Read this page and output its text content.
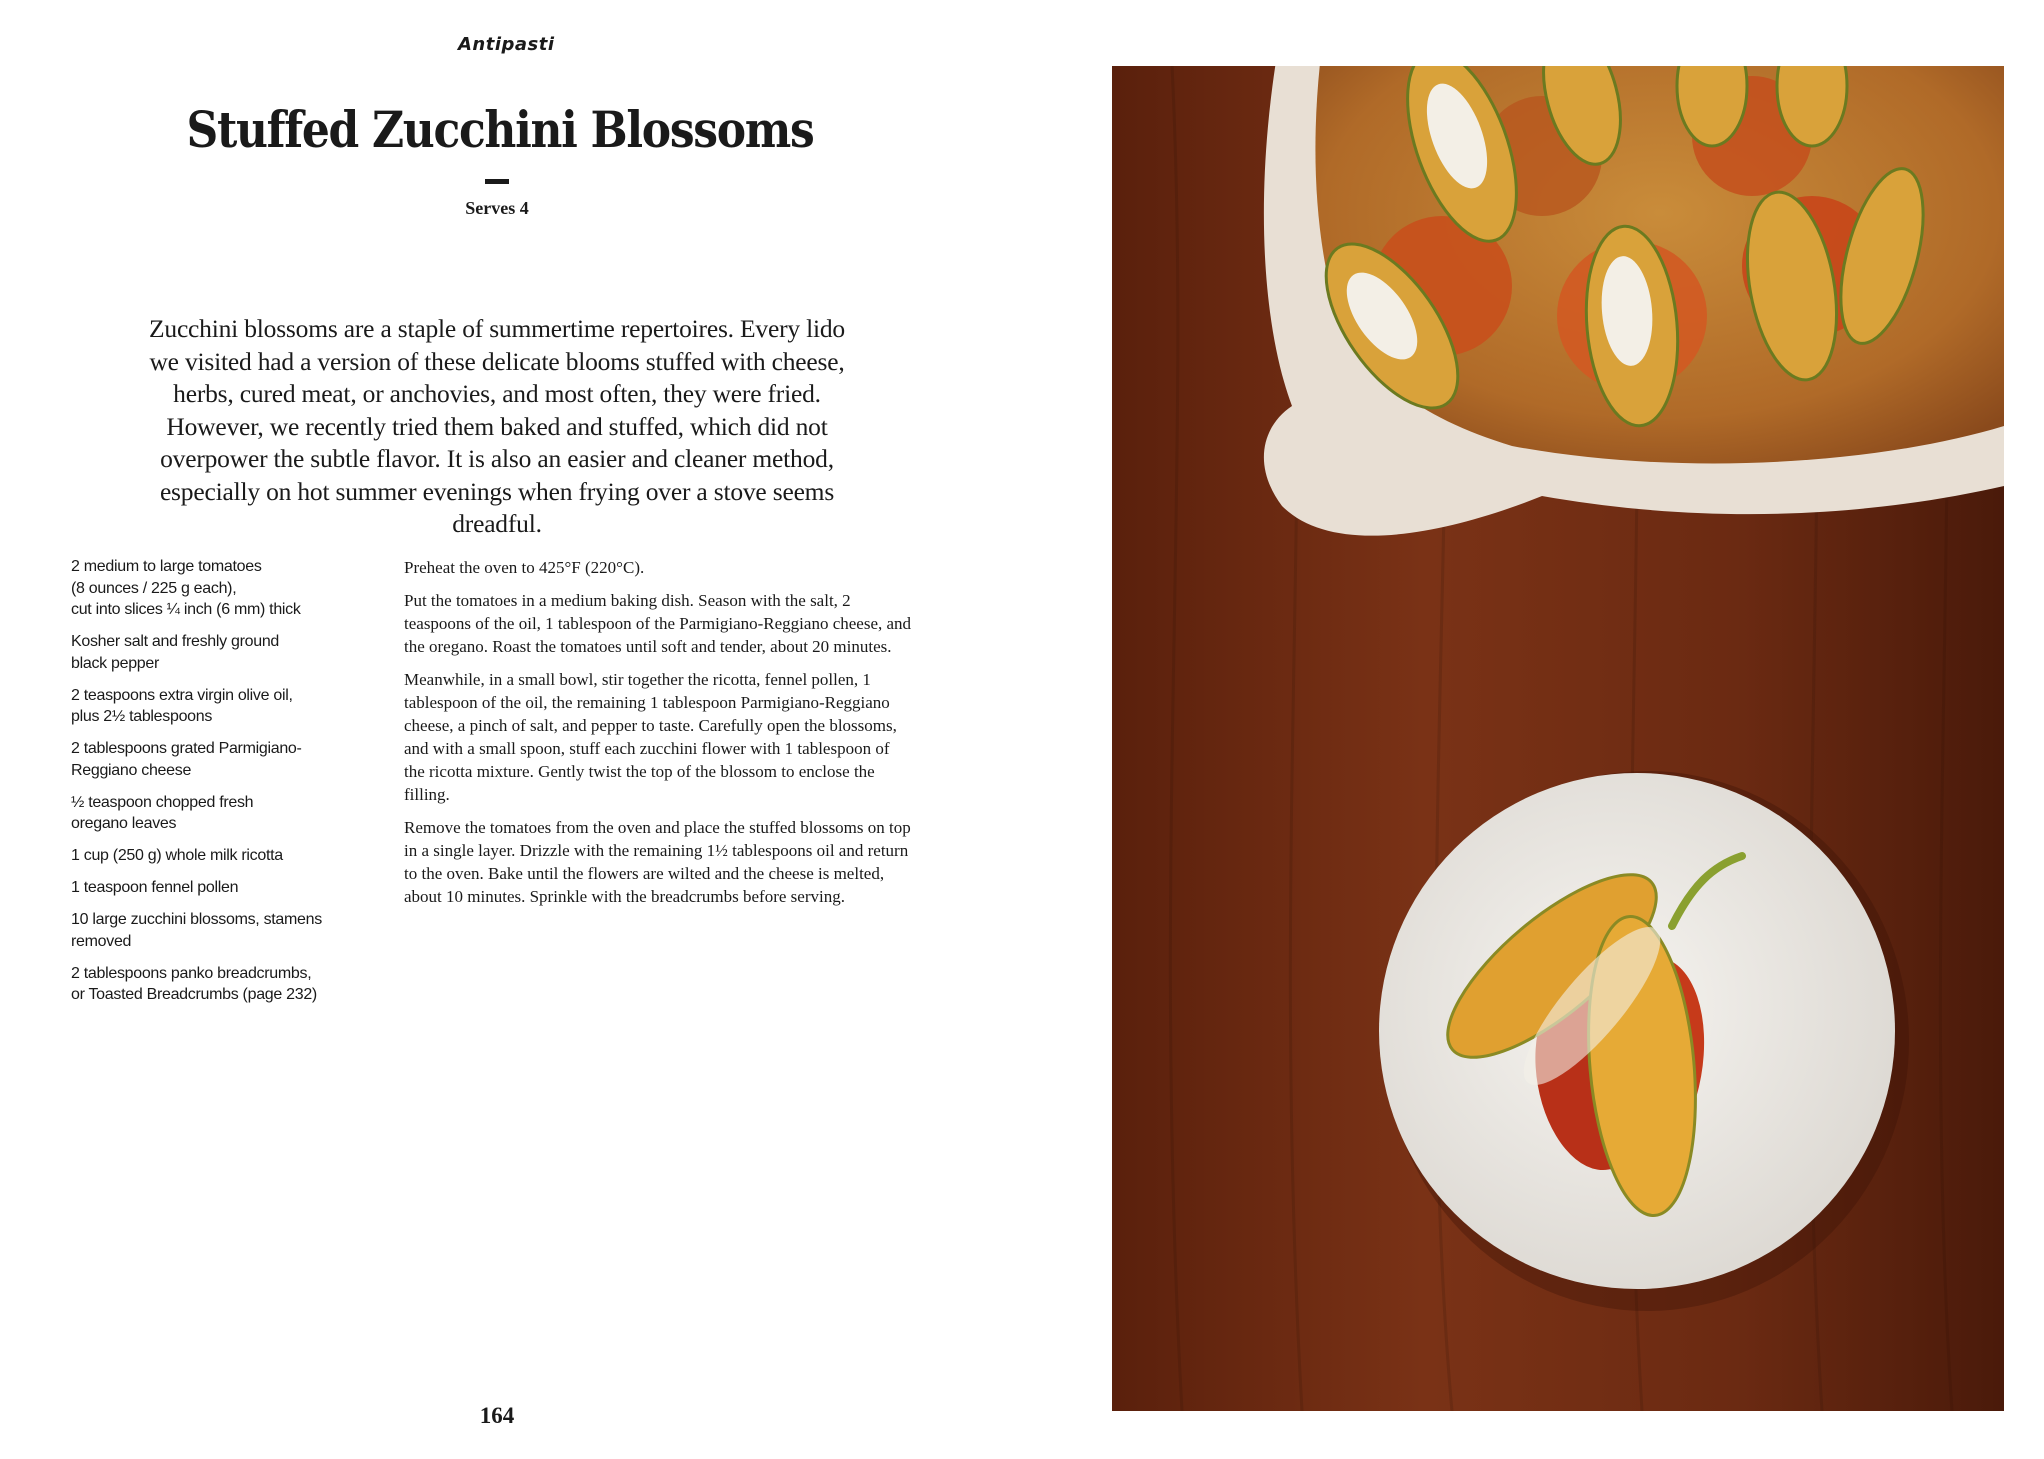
Antipasti
Stuffed Zucchini Blossoms
Serves 4

Zucchini blossoms are a staple of summertime repertoires. Every lido we visited had a version of these delicate blooms stuffed with cheese, herbs, cured meat, or anchovies, and most often, they were fried. However, we recently tried them baked and stuffed, which did not overpower the subtle flavor. It is also an easier and cleaner method, especially on hot summer evenings when frying over a stove seems dreadful.

2 medium to large tomatoes
(8 ounces / 225 g each),
cut into slices ¼ inch (6 mm) thick
Kosher salt and freshly ground
black pepper
2 teaspoons extra virgin olive oil,
plus 2½ tablespoons
2 tablespoons grated Parmigiano-
Reggiano cheese
½ teaspoon chopped fresh
oregano leaves
1 cup (250 g) whole milk ricotta
1 teaspoon fennel pollen
10 large zucchini blossoms, stamens
removed
2 tablespoons panko breadcrumbs,
or Toasted Breadcrumbs (page 232)

Preheat the oven to 425°F (220°C).

Put the tomatoes in a medium baking dish. Season with the salt, 2 teaspoons of the oil, 1 tablespoon of the Parmigiano-Reggiano cheese, and the oregano. Roast the tomatoes until soft and tender, about 20 minutes.

Meanwhile, in a small bowl, stir together the ricotta, fennel pollen, 1 tablespoon of the oil, the remaining 1 tablespoon Parmigiano-Reggiano cheese, a pinch of salt, and pepper to taste. Carefully open the blossoms, and with a small spoon, stuff each zucchini flower with 1 tablespoon of the ricotta mixture. Gently twist the top of the blossom to enclose the filling.

Remove the tomatoes from the oven and place the stuffed blossoms on top in a single layer. Drizzle with the remaining 1½ tablespoons oil and return to the oven. Bake until the flowers are wilted and the cheese is melted, about 10 minutes. Sprinkle with the breadcrumbs before serving.

164
